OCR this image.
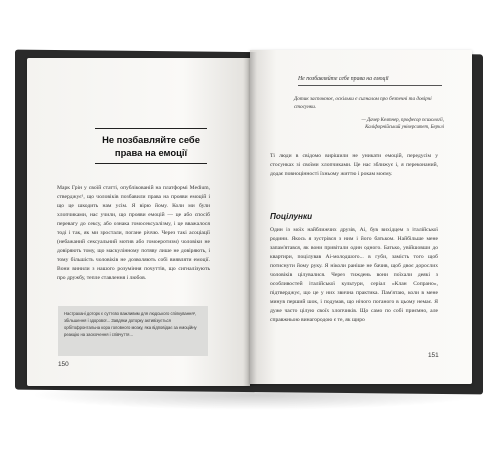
Не позбавляйте себе
права на емоції
Марк Грін у своїй статті, опублікованій на платформі Medium, стверджує¹, що чоловіків позбавили права на прояви емоцій і що це шкодить нам усім. Я вірю йому. Коли ми були хлопчиками, нас учили, що прояви емоцій — це або спосіб перевагу до сексу, або ознака гомосексуалізму, і це вважалося тоді і так, як ми зростали, погане річчю. Через такі асоціації (небажаний сексуальний мотив або гомоеротизм) чоловіки не довіряють тому, що маскулінному потяву лише не довіряють, і тому більшість чоловіків не дозволяють собі виявляти емоції. Вони винили з нашого розуміння почуттів, що сигналізують про дружбу, тепле ставлення і любов.
Настрахані доторк є суттєво важливим для людського спілкування², збільшення і здорової... Завдяки доторку активізується орбітофронтальна кора головного мозку, яка відповідає за емоційну реакцію на заохочення і співчуття...
150
Не позбавляйте себе права на емоції
Дотик заспокоює, оскільки є сигналом про безпечні та довірчі стосунки.
— Дачер Келтнер, професор психології,
Каліфорнійський університет, Берклі
Ті люди в свідомо вирішили не уникати емоцій, передусім у стосунках зі своїми хлопчиками. Це нас зближує і, я переконаний, додає повноцінності їхньому життю і рокам моєму.
Поцілунки
Один із моїх найближчих друзів, Аі, був вихідцем з італійської родини. Якось я зустрівся з ним і його батьком. Найбільше мене запам'ятався, як вони привітали один одного. Батько, увійшовши до квартири, поцілував Аі-молодшого... в губи, замість того щоб потиснути йому руку. Я ніколи раніше не бачив, щоб двоє дорослих чоловіків цілувалися. Через тиждень вони поїхали деякі з особливостей італійської культури, серіал «Клан Сопрано», підтверджує, що це у них звична практика. Пам'ятаю, коли в мене минув перший шок, і подумав, що нічого поганого в цьому немає. Я дуже часто цілую своїх хлопчиків. Що само по собі приємно, але справжньою винагородою є те, як щиро
151
